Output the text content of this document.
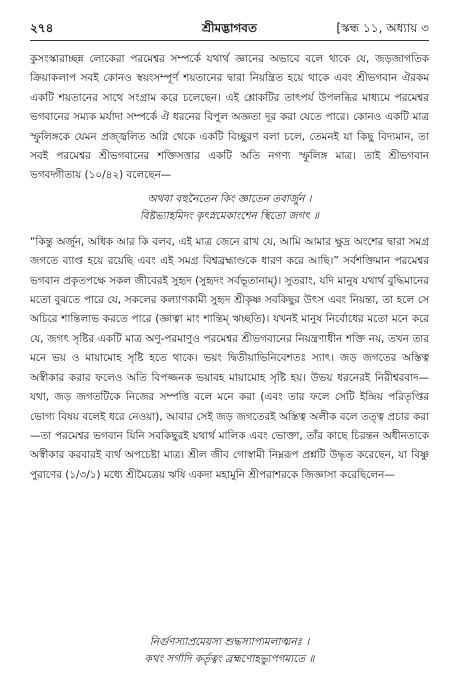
২৭৪	শ্রীমদ্ভাগবত	[স্কন্ধ ১১, অধ্যায় ৩

কুসংস্কারাচ্ছন্ন লোকেরা পরমেশ্বর সম্পর্কে যথার্থ জ্ঞানের অভাবে বলে থাকে যে, জড়জাগতিক ক্রিয়াকলাপ সবই কোনও স্বয়ংসম্পূর্ণ শয়তানের দ্বারা নিয়ন্ত্রিত হয়ে থাকে এবং শ্রীভগবান ঐরকম একটি শয়তানের সাথে সংগ্রাম করে চলেছেন। এই শ্লোকটির তাৎপর্য উপলব্ধির মাধ্যমে পরমেশ্বর ভগবানের সম্যক মর্যাদা সম্পর্কে ঐ ধরনের বিপুল অজ্ঞতা দূর করা যেতে পারে। কোনও একটি মাত্র স্ফুলিঙ্গকে যেমন প্রজ্জ্বলিত অগ্নি থেকে একটি বিচ্ছুরণ বলা চলে, তেমনই যা কিছু বিদ্যমান, তা সবই পরমেশ্বর শ্রীভগবানের শক্তিসত্তার একটি অতি নগণ্য স্ফুলিঙ্গ মাত্র। তাই শ্রীভগবান ভগবদ্গীতায় (১০/৪২) বলেছেন—

অথবা বহুনৈতেন কিং জ্ঞাতেন তবার্জুন ।
বিষ্টভ্যাহমিদং কৃৎস্নমেকাংশেন স্থিতো জগৎ ॥

“কিন্তু অর্জুন, অধিক আর কি বলব, এই মাত্র জেনে রাখ যে, আমি আমার ক্ষুদ্র অংশের দ্বারা সমগ্র জগতে ব্যাপ্ত হয়ে রয়েছি এবং এই সমগ্র বিশ্বব্রহ্মাণ্ডকে ধারণ করে আছি।” সর্বশক্তিমান পরমেশ্বর ভগবান প্রকৃতপক্ষে সকল জীবেরই সুহৃদ (সুহৃদং সর্বভূতানাম্)। সুতরাং, যদি মানুষ যথার্থ বুদ্ধিমানের মতো বুঝতে পারে যে, সকলের কল্যাণকামী সুহৃদ শ্রীকৃষ্ণ সবকিছুর উৎস এবং নিয়ন্তা, তা হলে সে অচিরে শান্তিলাভ করতে পারে (জ্ঞাত্বা মাং শান্তিম্ ঋচ্ছতি)। যখনই মানুষ নির্বোধের মতো মনে করে যে, জগৎ সৃষ্টির একটি মাত্র অণু-পরমাণুও পরমেশ্বর শ্রীভগবানের নিয়ন্ত্রণাধীন শক্তি নয়, তখন তার মনে ভয় ও মায়ামোহ সৃষ্টি হতে থাকে। ভয়ং দ্বিতীয়াভিনিবেশতঃ স্যাৎ। জড় জগতের অস্তিত্ব অস্বীকার করার ফলেও অতি বিপজ্জনক ভয়াবহ মায়ামোহ সৃষ্টি হয়। উভয় ধরনেরই নিরীশ্বরবাদ—যথা, জড় জগতটিকে নিজের সম্পত্তি বলে মনে করা (এবং তার ফলে সেটি ইন্দ্রিয় পরিতৃপ্তির ভোগ্য বিষয় বলেই ধরে নেওয়া), আবার সেই জড় জগতেরই অস্তিত্ব অলীক বলে তত্ত্ব প্রচার করা—তা পরমেশ্বর ভগবান যিনি সবকিছুরই যথার্থ মালিক এবং ভোক্তা, তাঁর কাছে চিরন্তন অধীনতাকে অস্বীকার করবারই ব্যর্থ অপচেষ্টা মাত্র। শ্রীল জীব গোস্বামী নিম্নরূপ প্রশ্নটি উদ্ধৃত করেছেন, যা বিষ্ণু পুরাণের (১/৩/১) মধ্যে শ্রীমৈত্রেয় ঋষি একদা মহামুনি শ্রীপরাশরকে জিজ্ঞাসা করেছিলেন—

নির্গুণস্যাপ্রমেয়স্য শুদ্ধস্যাপ্যমলাত্মনঃ ।
কথং সর্গাদি কর্তৃত্বং ব্রহ্মণোহভ্যুপগম্যতে ॥
